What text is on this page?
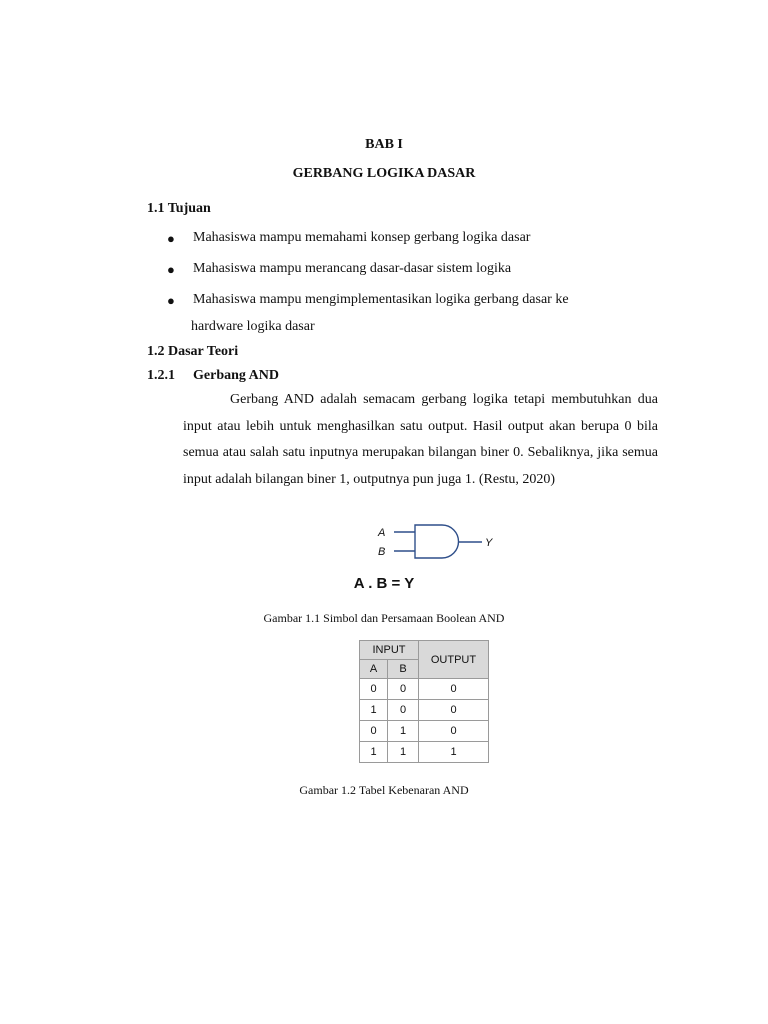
BAB I
GERBANG LOGIKA DASAR
1.1 Tujuan
● Mahasiswa mampu memahami konsep gerbang logika dasar
● Mahasiswa mampu merancang dasar-dasar sistem logika
● Mahasiswa mampu mengimplementasikan logika gerbang dasar ke
hardware logika dasar
1.2 Dasar Teori
1.2.1 Gerbang AND
Gerbang AND adalah semacam gerbang logika tetapi membutuhkan dua input atau lebih untuk menghasilkan satu output. Hasil output akan berupa 0 bila semua atau salah satu inputnya merupakan bilangan biner 0. Sebaliknya, jika semua input adalah bilangan biner 1, outputnya pun juga 1. (Restu, 2020)
A
B
Y
A . B = Y
Gambar 1.1 Simbol dan Persamaan Boolean AND
INPUT		OUTPUT
A	B	
0	0	0
1	0	0
0	1	0
1	1	1
Gambar 1.2 Tabel Kebenaran AND
